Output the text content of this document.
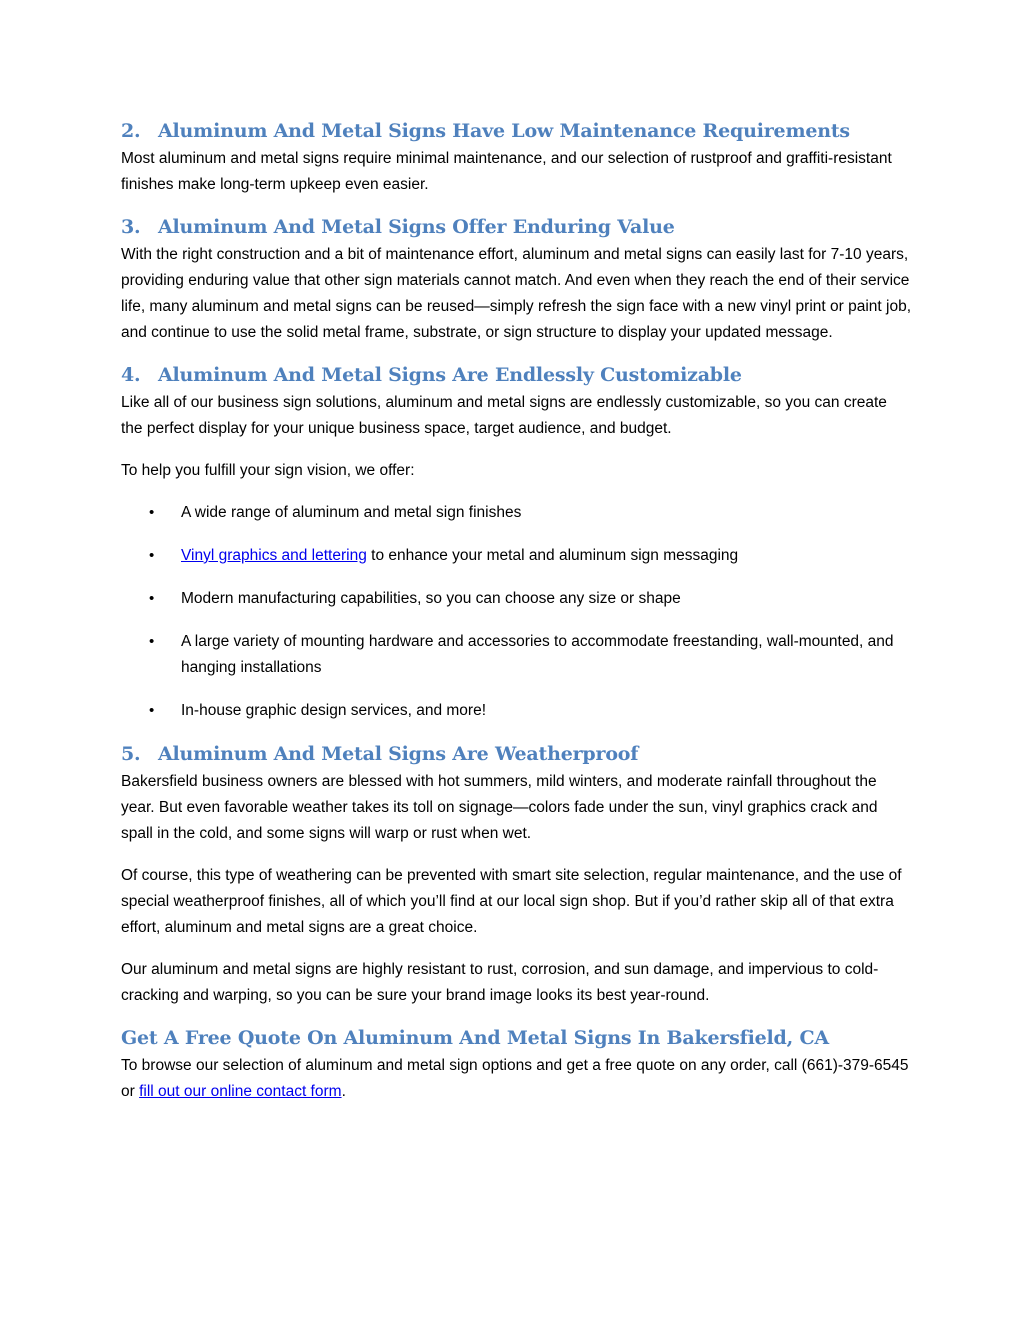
2. Aluminum And Metal Signs Have Low Maintenance Requirements

Most aluminum and metal signs require minimal maintenance, and our selection of rustproof and graffiti-resistant finishes make long-term upkeep even easier.

3. Aluminum And Metal Signs Offer Enduring Value

With the right construction and a bit of maintenance effort, aluminum and metal signs can easily last for 7-10 years, providing enduring value that other sign materials cannot match. And even when they reach the end of their service life, many aluminum and metal signs can be reused—simply refresh the sign face with a new vinyl print or paint job, and continue to use the solid metal frame, substrate, or sign structure to display your updated message.

4. Aluminum And Metal Signs Are Endlessly Customizable

Like all of our business sign solutions, aluminum and metal signs are endlessly customizable, so you can create the perfect display for your unique business space, target audience, and budget.

To help you fulfill your sign vision, we offer:

• A wide range of aluminum and metal sign finishes
• Vinyl graphics and lettering to enhance your metal and aluminum sign messaging
• Modern manufacturing capabilities, so you can choose any size or shape
• A large variety of mounting hardware and accessories to accommodate freestanding, wall-mounted, and hanging installations
• In-house graphic design services, and more!
5. Aluminum And Metal Signs Are Weatherproof

Bakersfield business owners are blessed with hot summers, mild winters, and moderate rainfall throughout the year. But even favorable weather takes its toll on signage—colors fade under the sun, vinyl graphics crack and spall in the cold, and some signs will warp or rust when wet.

Of course, this type of weathering can be prevented with smart site selection, regular maintenance, and the use of special weatherproof finishes, all of which you’ll find at our local sign shop. But if you’d rather skip all of that extra effort, aluminum and metal signs are a great choice.

Our aluminum and metal signs are highly resistant to rust, corrosion, and sun damage, and impervious to cold-cracking and warping, so you can be sure your brand image looks its best year-round.

Get A Free Quote On Aluminum And Metal Signs In Bakersfield, CA

To browse our selection of aluminum and metal sign options and get a free quote on any order, call (661)-379-6545 or fill out our online contact form.
